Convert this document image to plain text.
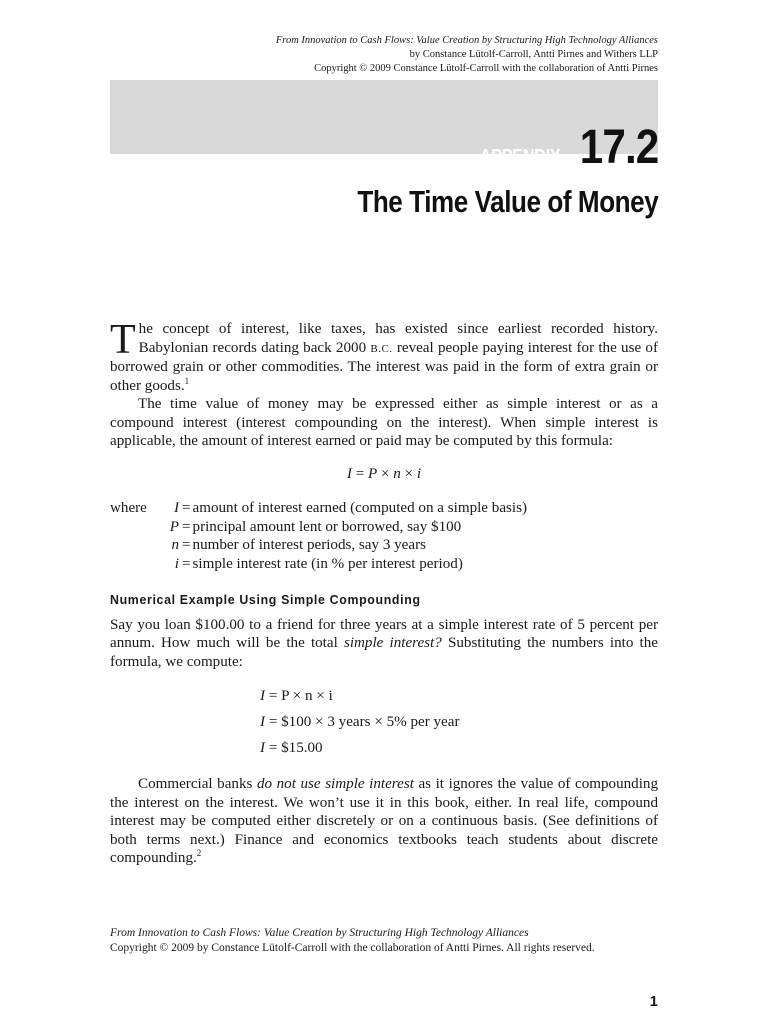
From Innovation to Cash Flows: Value Creation by Structuring High Technology Alliances
by Constance Lütolf-Carroll, Antti Pirnes and Withers LLP
Copyright © 2009 Constance Lütolf-Carroll with the collaboration of Antti Pirnes
APPENDIX 17.2
The Time Value of Money

The concept of interest, like taxes, has existed since earliest recorded history. Babylonian records dating back 2000 B.C. reveal people paying interest for the use of borrowed grain or other commodities. The interest was paid in the form of extra grain or other goods.$^1$

The time value of money may be expressed either as simple interest or as a compound interest (interest compounding on the interest). When simple interest is applicable, the amount of interest earned or paid may be computed by this formula:

I = P × n × i
where	I = amount of interest earned (computed on a simple basis)
P = principal amount lent or borrowed, say $100
n = number of interest periods, say 3 years
i = simple interest rate (in % per interest period)
Numerical Example Using Simple Compounding

Say you loan $100.00 to a friend for three years at a simple interest rate of 5 percent per annum. How much will be the total simple interest? Substituting the numbers into the formula, we compute:

I = P × n × i
I = $100 × 3 years × 5% per year
I = $15.00

Commercial banks do not use simple interest as it ignores the value of compounding the interest on the interest. We won’t use it in this book, either. In real life, compound interest may be computed either discretely or on a continuous basis. (See definitions of both terms next.) Finance and economics textbooks teach students about discrete compounding.$^2$

From Innovation to Cash Flows: Value Creation by Structuring High Technology Alliances
Copyright © 2009 by Constance Lütolf-Carroll with the collaboration of Antti Pirnes. All rights reserved.
1
